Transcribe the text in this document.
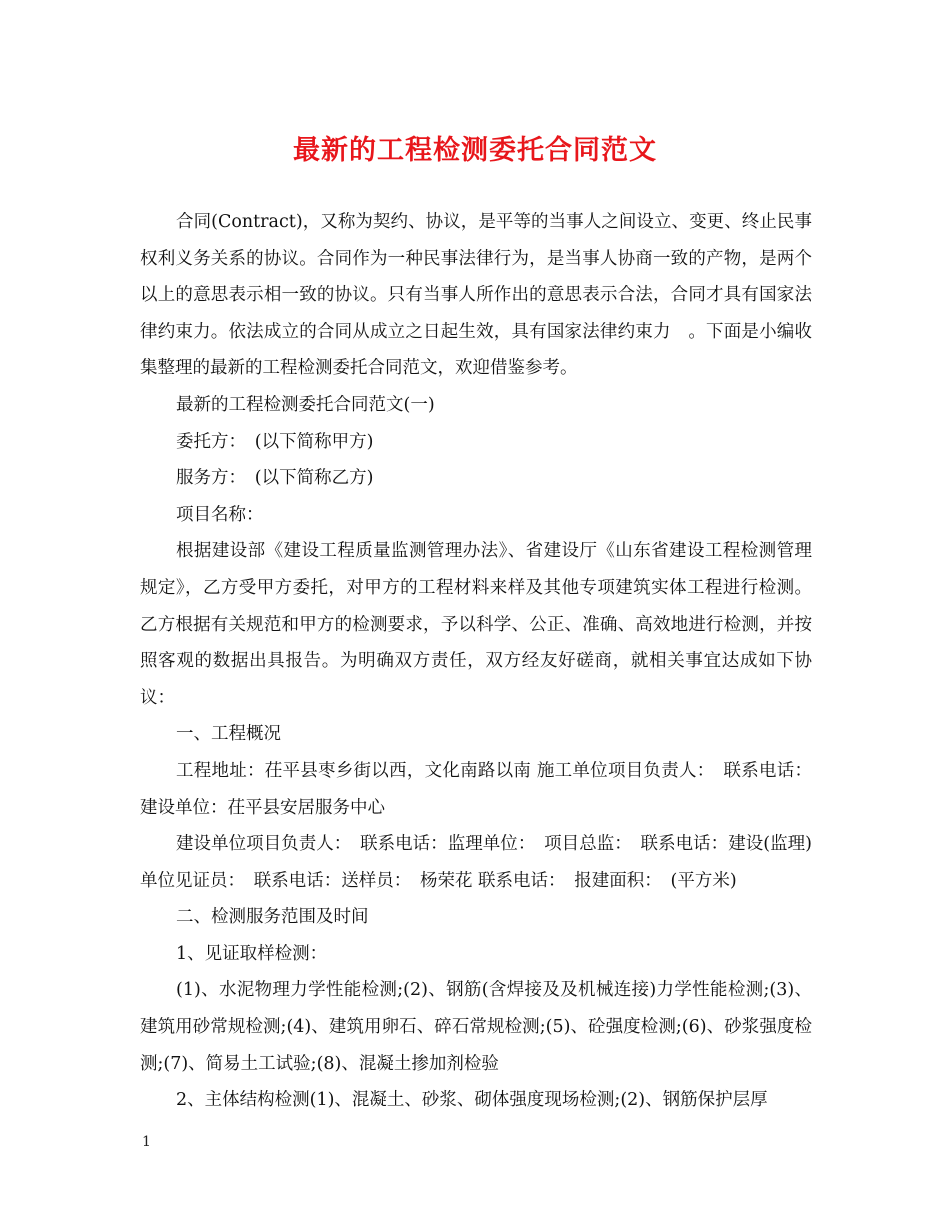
最新的工程检测委托合同范文

合同(Contract)，又称为契约、协议，是平等的当事人之间设立、变更、终止民事权利义务关系的协议。合同作为一种民事法律行为，是当事人协商一致的产物，是两个以上的意思表示相一致的协议。只有当事人所作出的意思表示合法，合同才具有国家法律约束力。依法成立的合同从成立之日起生效，具有国家法律约束力　。下面是小编收集整理的最新的工程检测委托合同范文，欢迎借鉴参考。

最新的工程检测委托合同范文(一)

委托方：　(以下简称甲方)

服务方：　(以下简称乙方)

项目名称：

根据建设部《建设工程质量监测管理办法》、省建设厅《山东省建设工程检测管理规定》，乙方受甲方委托，对甲方的工程材料来样及其他专项建筑实体工程进行检测。乙方根据有关规范和甲方的检测要求，予以科学、公正、准确、高效地进行检测，并按照客观的数据出具报告。为明确双方责任，双方经友好磋商，就相关事宜达成如下协议：

一、工程概况

工程地址：茌平县枣乡街以西，文化南路以南 施工单位项目负责人：　联系电话：建设单位：茌平县安居服务中心

建设单位项目负责人：　联系电话：监理单位：　项目总监：　联系电话：建设(监理)单位见证员：　联系电话：送样员：　杨荣花 联系电话：　报建面积：　(平方米)

二、检测服务范围及时间

1、见证取样检测：

(1)、水泥物理力学性能检测;(2)、钢筋(含焊接及及机械连接)力学性能检测;(3)、建筑用砂常规检测;(4)、建筑用卵石、碎石常规检测;(5)、砼强度检测;(6)、砂浆强度检测;(7)、简易土工试验;(8)、混凝土掺加剂检验

2、主体结构检测(1)、混凝土、砂浆、砌体强度现场检测;(2)、钢筋保护层厚

1
